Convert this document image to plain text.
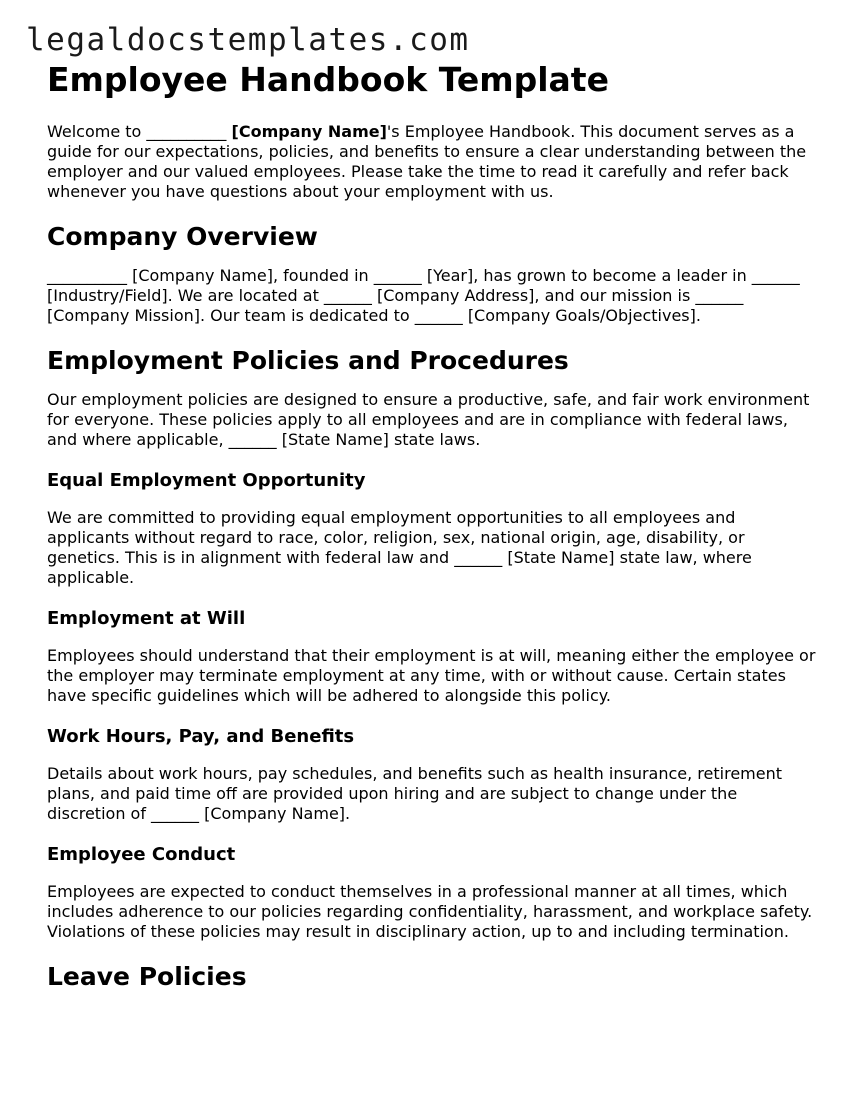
legaldocstemplates.com
Employee Handbook Template

Welcome to __________ [Company Name]'s Employee Handbook. This document serves as a guide for our expectations, policies, and benefits to ensure a clear understanding between the employer and our valued employees. Please take the time to read it carefully and refer back whenever you have questions about your employment with us.

Company Overview

__________ [Company Name], founded in ______ [Year], has grown to become a leader in ______ [Industry/Field]. We are located at ______ [Company Address], and our mission is ______ [Company Mission]. Our team is dedicated to ______ [Company Goals/Objectives].

Employment Policies and Procedures

Our employment policies are designed to ensure a productive, safe, and fair work environment for everyone. These policies apply to all employees and are in compliance with federal laws, and where applicable, ______ [State Name] state laws.

Equal Employment Opportunity

We are committed to providing equal employment opportunities to all employees and applicants without regard to race, color, religion, sex, national origin, age, disability, or genetics. This is in alignment with federal law and ______ [State Name] state law, where applicable.

Employment at Will

Employees should understand that their employment is at will, meaning either the employee or the employer may terminate employment at any time, with or without cause. Certain states have specific guidelines which will be adhered to alongside this policy.

Work Hours, Pay, and Benefits

Details about work hours, pay schedules, and benefits such as health insurance, retirement plans, and paid time off are provided upon hiring and are subject to change under the discretion of ______ [Company Name].

Employee Conduct

Employees are expected to conduct themselves in a professional manner at all times, which includes adherence to our policies regarding confidentiality, harassment, and workplace safety. Violations of these policies may result in disciplinary action, up to and including termination.

Leave Policies
